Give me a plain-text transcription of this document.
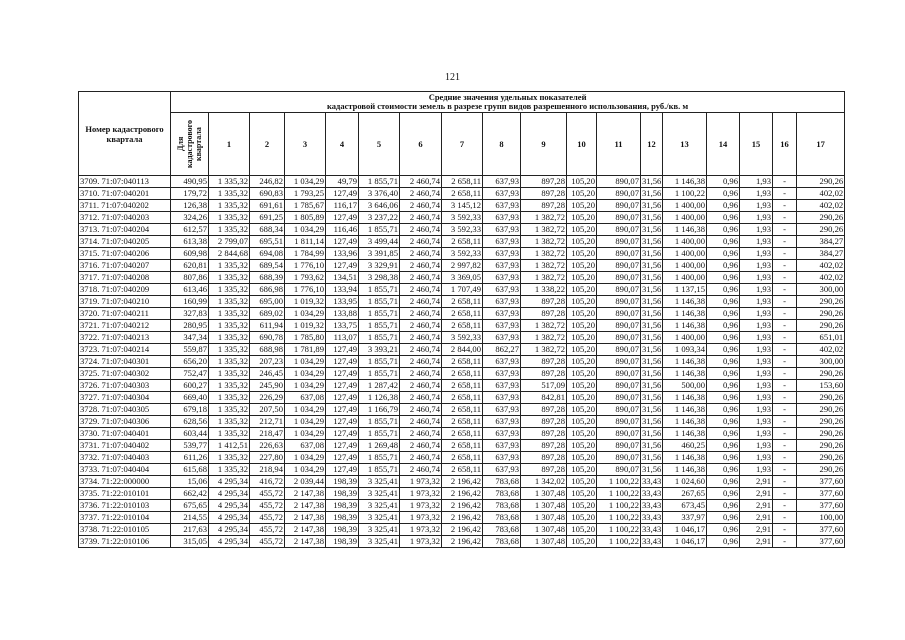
121
Номер кадастрового квартала	Средние значения удельных показателей
кадастровой стоимости земель в разрезе групп видов разрешенного использования, руб./кв. м																	

	Для кадастрового квартала	1	2	3	4	5	6	7	8	9	10	11	12	13	14	15	16	17
3709. 71:07:040113	490,95	1 335,32	246,82	1 034,29	49,79	1 855,71	2 460,74	2 658,11	637,93	897,28	105,20	890,07	31,56	1 146,38	0,96	1,93	-	290,26
3710. 71:07:040201	179,72	1 335,32	690,83	1 793,25	127,49	3 376,40	2 460,74	2 658,11	637,93	897,28	105,20	890,07	31,56	1 100,22	0,96	1,93	-	402,02
3711. 71:07:040202	126,38	1 335,32	691,61	1 785,67	116,17	3 646,06	2 460,74	3 145,12	637,93	897,28	105,20	890,07	31,56	1 400,00	0,96	1,93	-	402,02
3712. 71:07:040203	324,26	1 335,32	691,25	1 805,89	127,49	3 237,22	2 460,74	3 592,33	637,93	1 382,72	105,20	890,07	31,56	1 400,00	0,96	1,93	-	290,26
3713. 71:07:040204	612,57	1 335,32	688,34	1 034,29	116,46	1 855,71	2 460,74	3 592,33	637,93	1 382,72	105,20	890,07	31,56	1 146,38	0,96	1,93	-	290,26
3714. 71:07:040205	613,38	2 799,07	695,51	1 811,14	127,49	3 499,44	2 460,74	2 658,11	637,93	1 382,72	105,20	890,07	31,56	1 400,00	0,96	1,93	-	384,27
3715. 71:07:040206	609,98	2 844,68	694,08	1 784,99	133,96	3 391,85	2 460,74	3 592,33	637,93	1 382,72	105,20	890,07	31,56	1 400,00	0,96	1,93	-	384,27
3716. 71:07:040207	620,81	1 335,32	689,54	1 776,10	127,49	3 329,91	2 460,74	2 997,82	637,93	1 382,72	105,20	890,07	31,56	1 400,00	0,96	1,93	-	402,02
3717. 71:07:040208	807,86	1 335,32	688,39	1 793,62	134,51	3 298,38	2 460,74	3 369,05	637,93	1 382,72	105,20	890,07	31,56	1 400,00	0,96	1,93	-	402,02
3718. 71:07:040209	613,46	1 335,32	686,98	1 776,10	133,94	1 855,71	2 460,74	1 707,49	637,93	1 338,22	105,20	890,07	31,56	1 137,15	0,96	1,93	-	300,00
3719. 71:07:040210	160,99	1 335,32	695,00	1 019,32	133,95	1 855,71	2 460,74	2 658,11	637,93	897,28	105,20	890,07	31,56	1 146,38	0,96	1,93	-	290,26
3720. 71:07:040211	327,83	1 335,32	689,02	1 034,29	133,88	1 855,71	2 460,74	2 658,11	637,93	897,28	105,20	890,07	31,56	1 146,38	0,96	1,93	-	290,26
3721. 71:07:040212	280,95	1 335,32	611,94	1 019,32	133,75	1 855,71	2 460,74	2 658,11	637,93	1 382,72	105,20	890,07	31,56	1 146,38	0,96	1,93	-	290,26
3722. 71:07:040213	347,34	1 335,32	690,78	1 785,80	113,07	1 855,71	2 460,74	3 592,33	637,93	1 382,72	105,20	890,07	31,56	1 400,00	0,96	1,93	-	651,01
3723. 71:07:040214	559,87	1 335,32	688,98	1 781,89	127,49	3 393,21	2 460,74	2 844,00	862,27	1 382,72	105,20	890,07	31,56	1 093,34	0,96	1,93	-	402,02
3724. 71:07:040301	656,20	1 335,32	207,23	1 034,29	127,49	1 855,71	2 460,74	2 658,11	637,93	897,28	105,20	890,07	31,56	1 146,38	0,96	1,93	-	300,00
3725. 71:07:040302	752,47	1 335,32	246,45	1 034,29	127,49	1 855,71	2 460,74	2 658,11	637,93	897,28	105,20	890,07	31,56	1 146,38	0,96	1,93	-	290,26
3726. 71:07:040303	600,27	1 335,32	245,90	1 034,29	127,49	1 287,42	2 460,74	2 658,11	637,93	517,09	105,20	890,07	31,56	500,00	0,96	1,93	-	153,60
3727. 71:07:040304	669,40	1 335,32	226,29	637,08	127,49	1 126,38	2 460,74	2 658,11	637,93	842,81	105,20	890,07	31,56	1 146,38	0,96	1,93	-	290,26
3728. 71:07:040305	679,18	1 335,32	207,50	1 034,29	127,49	1 166,79	2 460,74	2 658,11	637,93	897,28	105,20	890,07	31,56	1 146,38	0,96	1,93	-	290,26
3729. 71:07:040306	628,56	1 335,32	212,71	1 034,29	127,49	1 855,71	2 460,74	2 658,11	637,93	897,28	105,20	890,07	31,56	1 146,38	0,96	1,93	-	290,26
3730. 71:07:040401	603,44	1 335,32	218,47	1 034,29	127,49	1 855,71	2 460,74	2 658,11	637,93	897,28	105,20	890,07	31,56	1 146,38	0,96	1,93	-	290,26
3731. 71:07:040402	539,77	1 412,51	226,63	637,08	127,49	1 269,48	2 460,74	2 658,11	637,93	897,28	105,20	890,07	31,56	460,25	0,96	1,93	-	290,26
3732. 71:07:040403	611,26	1 335,32	227,80	1 034,29	127,49	1 855,71	2 460,74	2 658,11	637,93	897,28	105,20	890,07	31,56	1 146,38	0,96	1,93	-	290,26
3733. 71:07:040404	615,68	1 335,32	218,94	1 034,29	127,49	1 855,71	2 460,74	2 658,11	637,93	897,28	105,20	890,07	31,56	1 146,38	0,96	1,93	-	290,26
3734. 71:22:000000	15,06	4 295,34	416,72	2 039,44	198,39	3 325,41	1 973,32	2 196,42	783,68	1 342,02	105,20	1 100,22	33,43	1 024,60	0,96	2,91	-	377,60
3735. 71:22:010101	662,42	4 295,34	455,72	2 147,38	198,39	3 325,41	1 973,32	2 196,42	783,68	1 307,48	105,20	1 100,22	33,43	267,65	0,96	2,91	-	377,60
3736. 71:22:010103	675,65	4 295,34	455,72	2 147,38	198,39	3 325,41	1 973,32	2 196,42	783,68	1 307,48	105,20	1 100,22	33,43	673,45	0,96	2,91	-	377,60
3737. 71:22:010104	214,55	4 295,34	455,72	2 147,38	198,39	3 325,41	1 973,32	2 196,42	783,68	1 307,48	105,20	1 100,22	33,43	337,97	0,96	2,91	-	100,00
3738. 71:22:010105	217,63	4 295,34	455,72	2 147,38	198,39	3 325,41	1 973,32	2 196,42	783,68	1 307,48	105,20	1 100,22	33,43	1 046,17	0,96	2,91	-	377,60
3739. 71:22:010106	315,05	4 295,34	455,72	2 147,38	198,39	3 325,41	1 973,32	2 196,42	783,68	1 307,48	105,20	1 100,22	33,43	1 046,17	0,96	2,91	-	377,60
